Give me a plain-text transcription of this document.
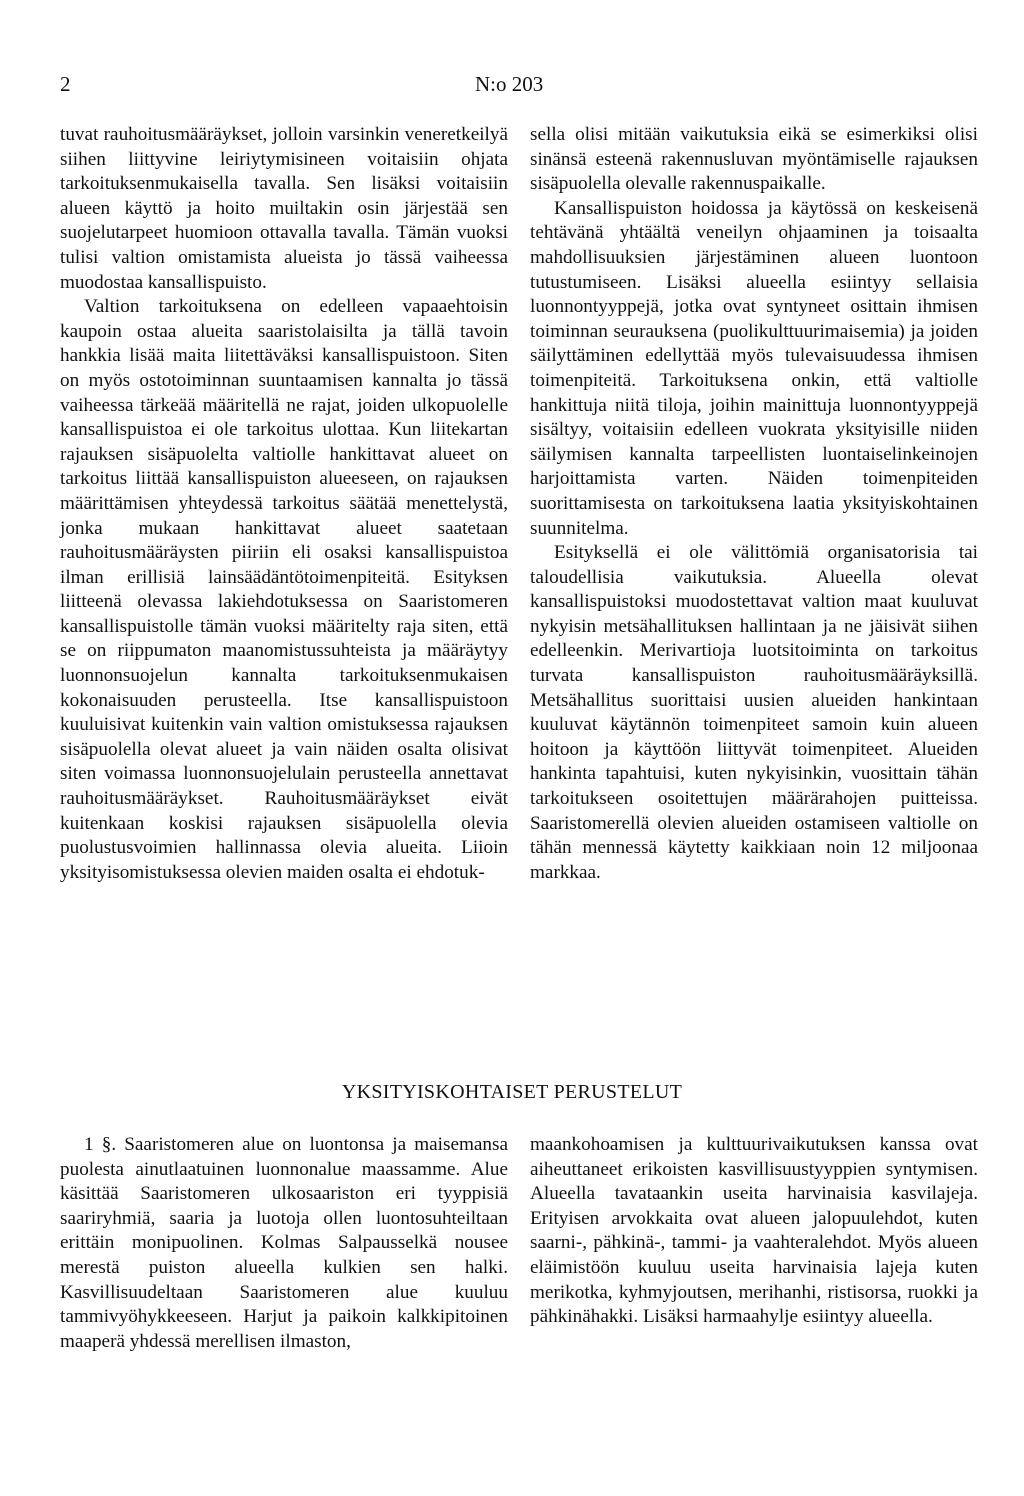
2	N:o 203

tuvat rauhoitusmääräykset, jolloin varsinkin veneretkeilyä siihen liittyvine leiriytymisineen voitaisiin ohjata tarkoituksenmukaisella tavalla. Sen lisäksi voitaisiin alueen käyttö ja hoito muiltakin osin järjestää sen suojelutarpeet huomioon ottavalla tavalla. Tämän vuoksi tulisi valtion omistamista alueista jo tässä vaiheessa muodostaa kansallispuisto.

Valtion tarkoituksena on edelleen vapaaehtoisin kaupoin ostaa alueita saaristolaisilta ja tällä tavoin hankkia lisää maita liitettäväksi kansallispuistoon. Siten on myös ostotoiminnan suuntaamisen kannalta jo tässä vaiheessa tärkeää määritellä ne rajat, joiden ulkopuolelle kansallispuistoa ei ole tarkoitus ulottaa. Kun liitekartan rajauksen sisäpuolelta valtiolle hankittavat alueet on tarkoitus liittää kansallispuiston alueeseen, on rajauksen määrittämisen yhteydessä tarkoitus säätää menettelystä, jonka mukaan hankittavat alueet saatetaan rauhoitusmääräysten piiriin eli osaksi kansallispuistoa ilman erillisiä lainsäädäntötoimenpiteitä. Esityksen liitteenä olevassa lakiehdotuksessa on Saaristomeren kansallispuistolle tämän vuoksi määritelty raja siten, että se on riippumaton maanomistussuhteista ja määräytyy luonnonsuojelun kannalta tarkoituksenmukaisen kokonaisuuden perusteella. Itse kansallispuistoon kuuluisivat kuitenkin vain valtion omistuksessa rajauksen sisäpuolella olevat alueet ja vain näiden osalta olisivat siten voimassa luonnonsuojelulain perusteella annettavat rauhoitusmääräykset. Rauhoitusmääräykset eivät kuitenkaan koskisi rajauksen sisäpuolella olevia puolustusvoimien hallinnassa olevia alueita. Liioin yksityisomistuksessa olevien maiden osalta ei ehdotuk-

sella olisi mitään vaikutuksia eikä se esimerkiksi olisi sinänsä esteenä rakennusluvan myöntämiselle rajauksen sisäpuolella olevalle rakennuspaikalle.

Kansallispuiston hoidossa ja käytössä on keskeisenä tehtävänä yhtäältä veneilyn ohjaaminen ja toisaalta mahdollisuuksien järjestäminen alueen luontoon tutustumiseen. Lisäksi alueella esiintyy sellaisia luonnontyyppejä, jotka ovat syntyneet osittain ihmisen toiminnan seurauksena (puolikulttuurimaisemia) ja joiden säilyttäminen edellyttää myös tulevaisuudessa ihmisen toimenpiteitä. Tarkoituksena onkin, että valtiolle hankittuja niitä tiloja, joihin mainittuja luonnontyyppejä sisältyy, voitaisiin edelleen vuokrata yksityisille niiden säilymisen kannalta tarpeellisten luontaiselinkeinojen harjoittamista varten. Näiden toimenpiteiden suorittamisesta on tarkoituksena laatia yksityiskohtainen suunnitelma.

Esityksellä ei ole välittömiä organisatorisia tai taloudellisia vaikutuksia. Alueella olevat kansallispuistoksi muodostettavat valtion maat kuuluvat nykyisin metsähallituksen hallintaan ja ne jäisivät siihen edelleenkin. Merivartioja luotsitoiminta on tarkoitus turvata kansallispuiston rauhoitusmääräyksillä. Metsähallitus suorittaisi uusien alueiden hankintaan kuuluvat käytännön toimenpiteet samoin kuin alueen hoitoon ja käyttöön liittyvät toimenpiteet. Alueiden hankinta tapahtuisi, kuten nykyisinkin, vuosittain tähän tarkoitukseen osoitettujen määrärahojen puitteissa. Saaristomerellä olevien alueiden ostamiseen valtiolle on tähän mennessä käytetty kaikkiaan noin 12 miljoonaa markkaa.

YKSITYISKOHTAISET PERUSTELUT

1 §. Saaristomeren alue on luontonsa ja maisemansa puolesta ainutlaatuinen luonnonalue maassamme. Alue käsittää Saaristomeren ulkosaariston eri tyyppisiä saariryhmiä, saaria ja luotoja ollen luontosuhteiltaan erittäin monipuolinen. Kolmas Salpausselkä nousee merestä puiston alueella kulkien sen halki. Kasvillisuudeltaan Saaristomeren alue kuuluu tammivyöhykkeeseen. Harjut ja paikoin kalkkipitoinen maaperä yhdessä merellisen ilmaston,

maankohoamisen ja kulttuurivaikutuksen kanssa ovat aiheuttaneet erikoisten kasvillisuustyyppien syntymisen. Alueella tavataankin useita harvinaisia kasvilajeja. Erityisen arvokkaita ovat alueen jalopuulehdot, kuten saarni-, pähkinä-, tammi- ja vaahteralehdot. Myös alueen eläimistöön kuuluu useita harvinaisia lajeja kuten merikotka, kyhmyjoutsen, merihanhi, ristisorsa, ruokki ja pähkinähakki. Lisäksi harmaahylje esiintyy alueella.
